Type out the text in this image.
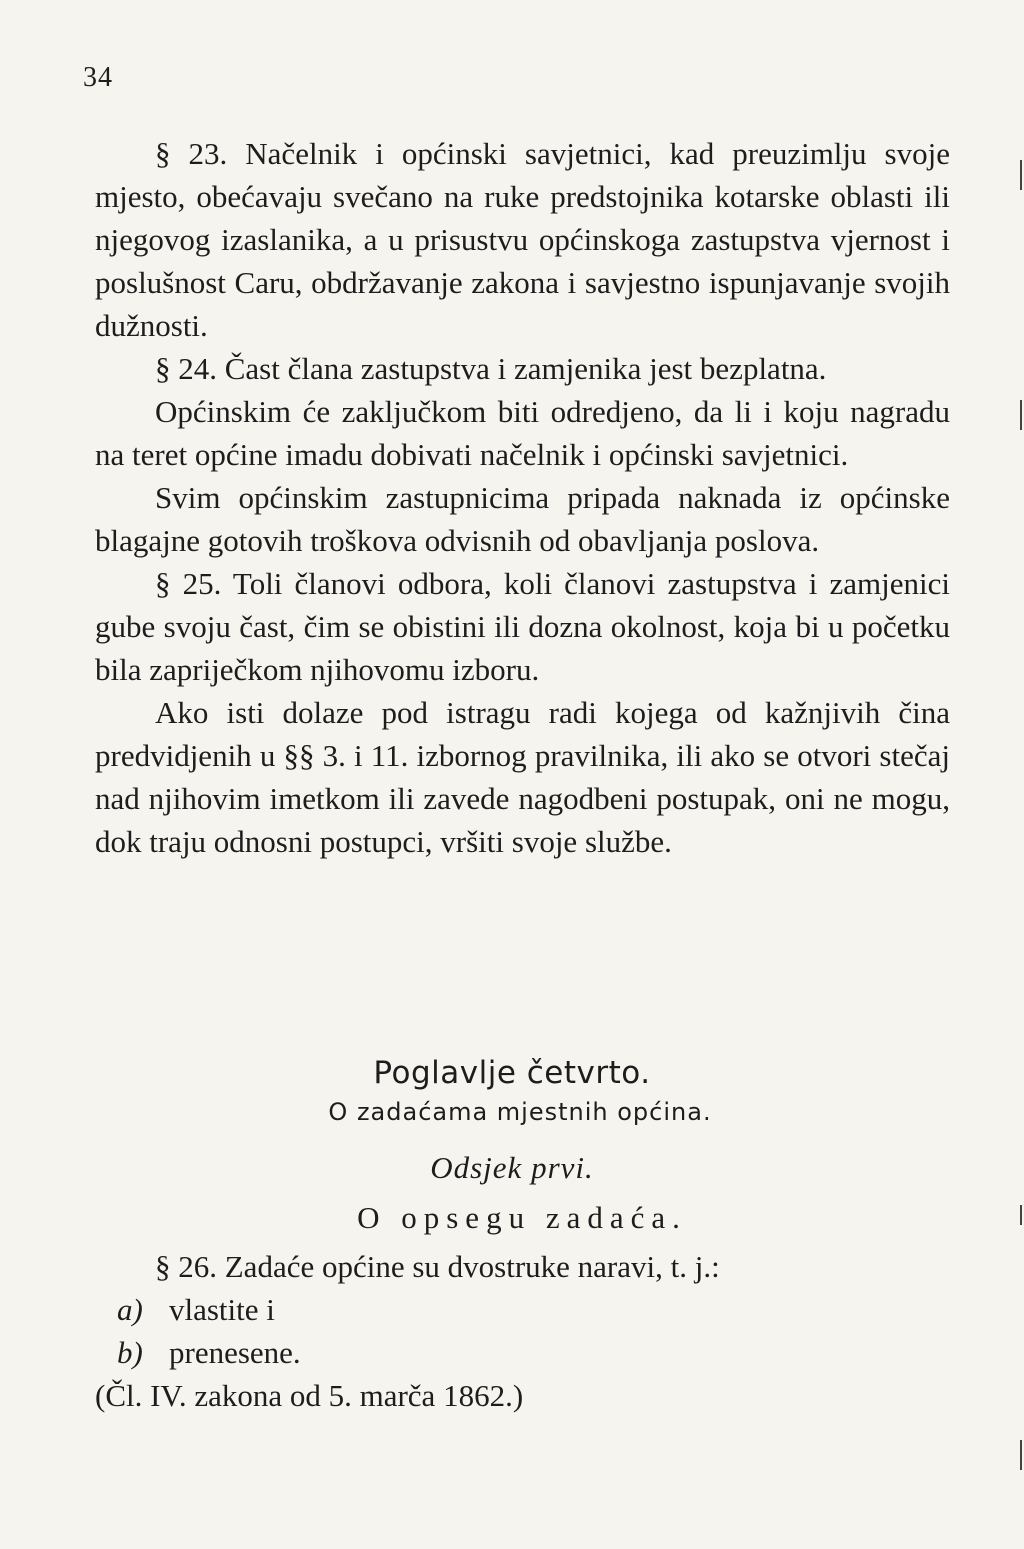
34

§ 23. Načelnik i općinski savjetnici, kad preuzimlju svoje mjesto, obećavaju svečano na ruke predstojnika kotarske oblasti ili njegovog izaslanika, a u prisustvu općinskoga zastupstva vjernost i poslušnost Caru, obdržavanje zakona i savjestno ispunjavanje svojih dužnosti.

§ 24. Čast člana zastupstva i zamjenika jest bezplatna.

Općinskim će zaključkom biti odredjeno, da li i koju nagradu na teret općine imadu dobivati načelnik i općinski savjetnici.

Svim općinskim zastupnicima pripada naknada iz općinske blagajne gotovih troškova odvisnih od obavljanja poslova.

§ 25. Toli članovi odbora, koli članovi zastupstva i zamjenici gube svoju čast, čim se obistini ili dozna okolnost, koja bi u početku bila zapriječkom njihovomu izboru.

Ako isti dolaze pod istragu radi kojega od kažnjivih čina predvidjenih u §§ 3. i 11. izbornog pravilnika, ili ako se otvori stečaj nad njihovim imetkom ili zavede nagodbeni postupak, oni ne mogu, dok traju odnosni postupci, vršiti svoje službe.

Poglavlje četvrto.
O zadaćama mjestnih općina.
Odsjek prvi.
O opsegu zadaća.

§ 26. Zadaće općine su dvostruke naravi, t. j.:

a) vlastite i

b) prenesene.

(Čl. IV. zakona od 5. marča 1862.)
